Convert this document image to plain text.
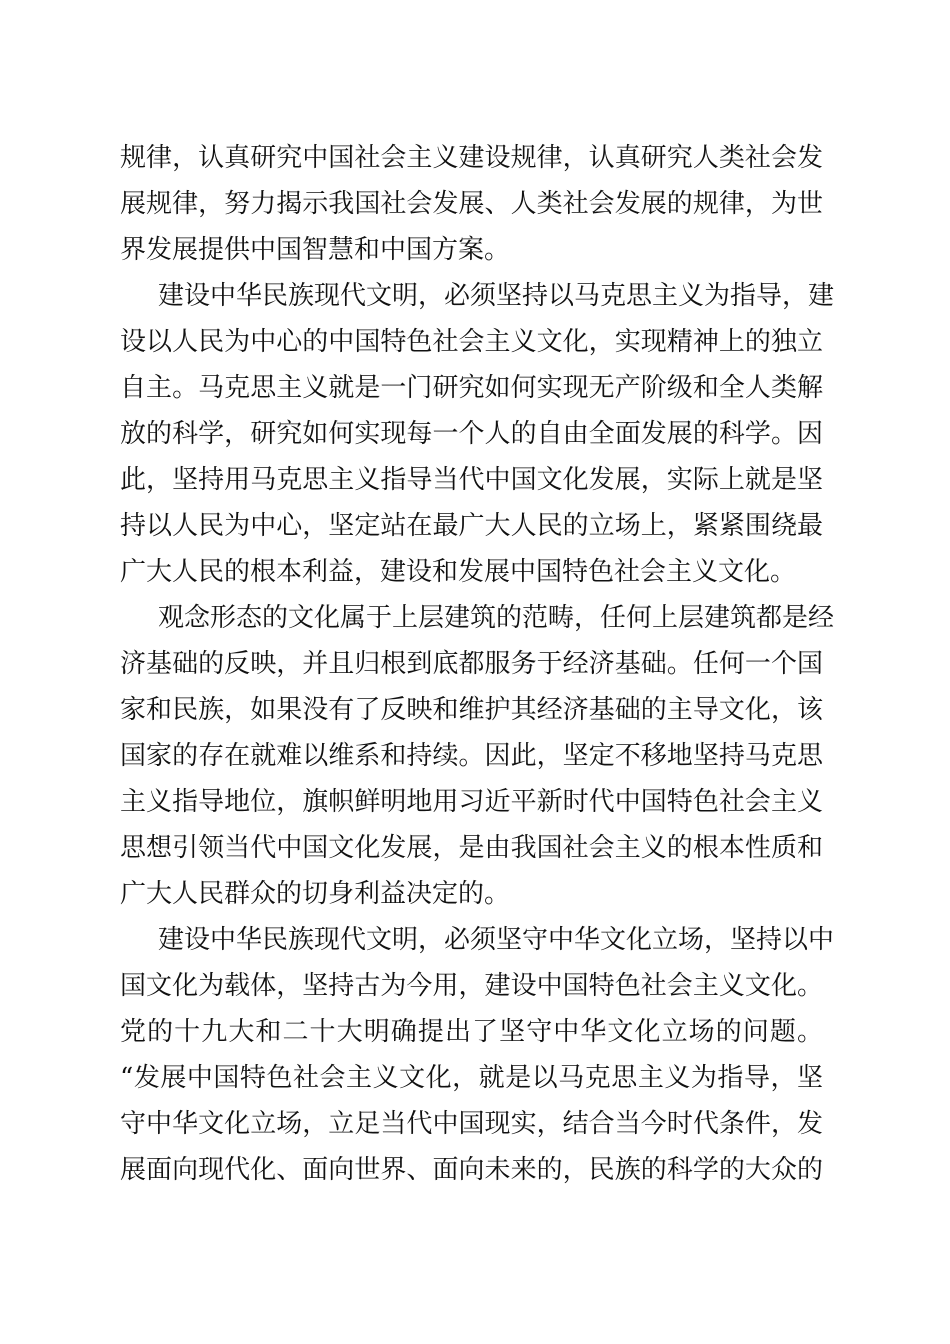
规律，认真研究中国社会主义建设规律，认真研究人类社会发

展规律，努力揭示我国社会发展、人类社会发展的规律，为世

界发展提供中国智慧和中国方案。

建设中华民族现代文明，必须坚持以马克思主义为指导，建

设以人民为中心的中国特色社会主义文化，实现精神上的独立

自主。马克思主义就是一门研究如何实现无产阶级和全人类解

放的科学，研究如何实现每一个人的自由全面发展的科学。因

此，坚持用马克思主义指导当代中国文化发展，实际上就是坚

持以人民为中心，坚定站在最广大人民的立场上，紧紧围绕最

广大人民的根本利益，建设和发展中国特色社会主义文化。

观念形态的文化属于上层建筑的范畴，任何上层建筑都是经

济基础的反映，并且归根到底都服务于经济基础。任何一个国

家和民族，如果没有了反映和维护其经济基础的主导文化，该

国家的存在就难以维系和持续。因此，坚定不移地坚持马克思

主义指导地位，旗帜鲜明地用习近平新时代中国特色社会主义

思想引领当代中国文化发展，是由我国社会主义的根本性质和

广大人民群众的切身利益决定的。

建设中华民族现代文明，必须坚守中华文化立场，坚持以中

国文化为载体，坚持古为今用，建设中国特色社会主义文化。

党的十九大和二十大明确提出了坚守中华文化立场的问题。

“发展中国特色社会主义文化，就是以马克思主义为指导，坚

守中华文化立场，立足当代中国现实，结合当今时代条件，发

展面向现代化、面向世界、面向未来的，民族的科学的大众的
